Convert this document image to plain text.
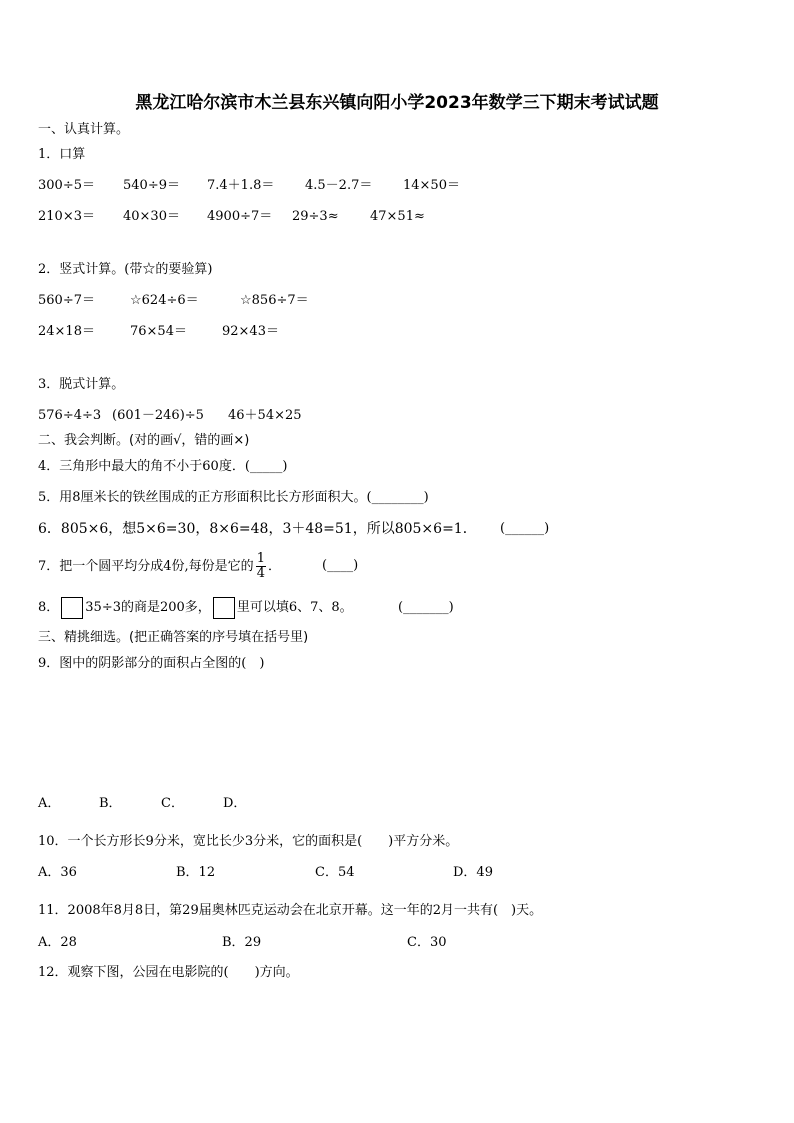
黑龙江哈尔滨市木兰县东兴镇向阳小学2023年数学三下期末考试试题
一、认真计算。
1．口算
300÷5＝ 540÷9＝ 7.4＋1.8＝ 4.5－2.7＝ 14×50＝
210×3＝ 40×30＝ 4900÷7＝ 29÷3≈ 47×51≈
2．竖式计算。(带☆的要验算)
560÷7＝	☆624÷6＝	☆856÷7＝
24×18＝	76×54＝	92×43＝
3．脱式计算。
576÷4÷3 (601－246)÷5 46＋54×25
二、我会判断。(对的画√，错的画×)
4．三角形中最大的角不小于60度．(_____)
5．用8厘米长的铁丝围成的正方形面积比长方形面积大。(________)
6．805×6，想5×6=30，8×6=48，3＋48=51，所以805×6=1． (______)
7．把一个圆平均分成4份,每份是它的 $\frac{1}{4}$ ．	(____)
8． 35÷3的商是200多， 里可以填6、7、8。	(_______)
三、精挑细选。(把正确答案的序号填在括号里)
9．图中的阴影部分的面积占全图的(　)
A．	B．	C．	D．
10．一个长方形长9分米，宽比长少3分米，它的面积是(　　)平方分米。
A．36	B．12	C．54	D．49
11．2008年8月8日，第29届奥林匹克运动会在北京开幕。这一年的2月一共有(　)天。
A．28	B．29	C．30
12．观察下图，公园在电影院的(　　)方向。
